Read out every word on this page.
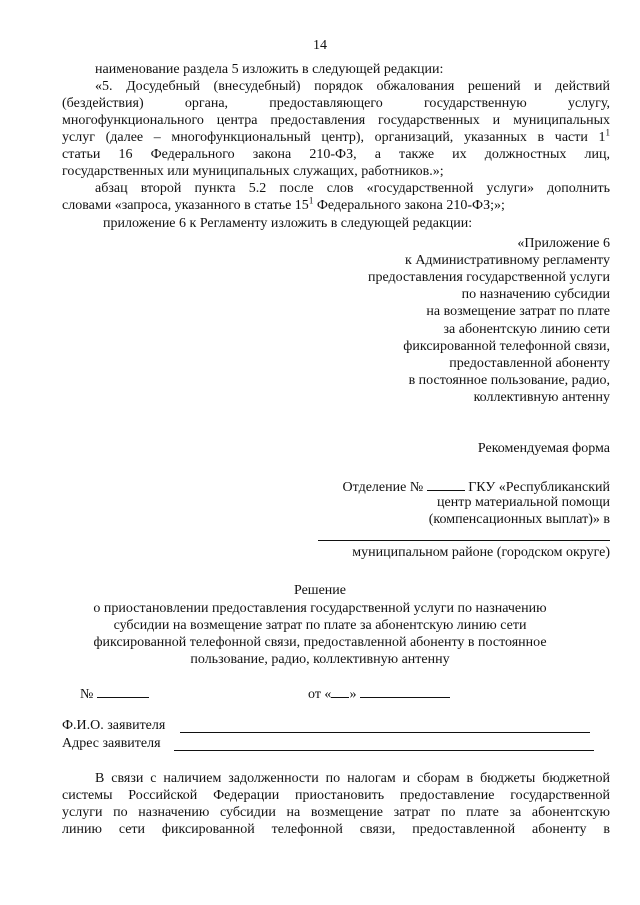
14
наименование раздела 5 изложить в следующей редакции:
«5. Досудебный (внесудебный) порядок обжалования решений и действий
(бездействия) органа, предоставляющего государственную услугу,
многофункционального центра предоставления государственных и муниципальных
услуг (далее – многофункциональный центр), организаций, указанных в части $1^1$
статьи 16 Федерального закона 210-ФЗ, а также их должностных лиц,
государственных или муниципальных служащих, работников.»;
абзац второй пункта 5.2 после слов «государственной услуги» дополнить
словами «запроса, указанного в статье $15^1$ Федерального закона 210-ФЗ;»;
приложение 6 к Регламенту изложить в следующей редакции:
«Приложение 6
к Административному регламенту
предоставления государственной услуги
по назначению субсидии
на возмещение затрат по плате
за абонентскую линию сети
фиксированной телефонной связи,
предоставленной абоненту
в постоянное пользование, радио,
коллективную антенну
Рекомендуемая форма
Отделение №	ГКУ «Республиканский
центр материальной помощи
(компенсационных выплат)» в
муниципальном районе (городском округе)
Решение
о приостановлении предоставления государственной услуги по назначению
субсидии на возмещение затрат по плате за абонентскую линию сети
фиксированной телефонной связи, предоставленной абоненту в постоянное
пользование, радио, коллективную антенну
№	от « »
Ф.И.О. заявителя
Адрес заявителя
В связи с наличием задолженности по налогам и сборам в бюджеты бюджетной
системы Российской Федерации приостановить предоставление государственной
услуги по назначению субсидии на возмещение затрат по плате за абонентскую
линию сети фиксированной телефонной связи, предоставленной абоненту в
